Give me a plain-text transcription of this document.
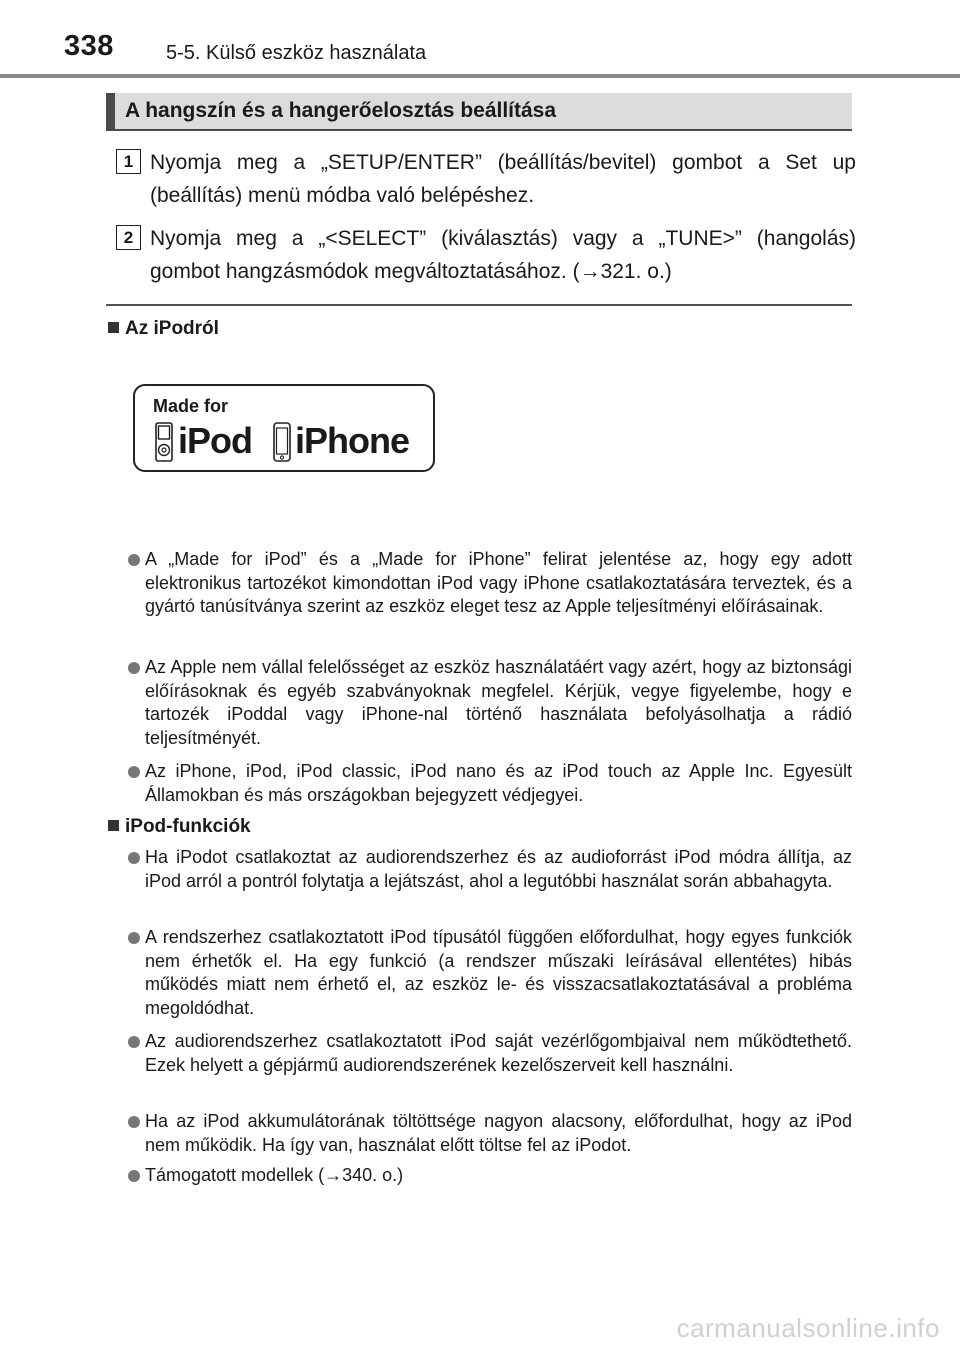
338	5-5. Külső eszköz használata
A hangszín és a hangerőelosztás beállítása
1 Nyomja meg a „SETUP/ENTER” (beállítás/bevitel) gombot a Set up (beállítás) menü módba való belépéshez.
2 Nyomja meg a „<SELECT” (kiválasztás) vagy a „TUNE>” (hangolás) gombot hangzásmódok megváltoztatásához. (→321. o.)
Az iPodról
Made for
iPod iPhone
A „Made for iPod” és a „Made for iPhone” felirat jelentése az, hogy egy adott elektronikus tartozékot kimondottan iPod vagy iPhone csatlakoztatására terveztek, és a gyártó tanúsítványa szerint az eszköz eleget tesz az Apple teljesítményi előírásainak.
Az Apple nem vállal felelősséget az eszköz használatáért vagy azért, hogy az biztonsági előírásoknak és egyéb szabványoknak megfelel. Kérjük, vegye figyelembe, hogy e tartozék iPoddal vagy iPhone-nal történő használata befolyásolhatja a rádió teljesítményét.
Az iPhone, iPod, iPod classic, iPod nano és az iPod touch az Apple Inc. Egyesült Államokban és más országokban bejegyzett védjegyei.
iPod-funkciók
Ha iPodot csatlakoztat az audiorendszerhez és az audioforrást iPod módra állítja, az iPod arról a pontról folytatja a lejátszást, ahol a legutóbbi használat során abbahagyta.
A rendszerhez csatlakoztatott iPod típusától függően előfordulhat, hogy egyes funkciók nem érhetők el. Ha egy funkció (a rendszer műszaki leírásával ellentétes) hibás működés miatt nem érhető el, az eszköz le- és visszacsatlakoztatásával a probléma megoldódhat.
Az audiorendszerhez csatlakoztatott iPod saját vezérlőgombjaival nem működtethető. Ezek helyett a gépjármű audiorendszerének kezelőszerveit kell használni.
Ha az iPod akkumulátorának töltöttsége nagyon alacsony, előfordulhat, hogy az iPod nem működik. Ha így van, használat előtt töltse fel az iPodot.
Támogatott modellek (→340. o.)
carmanualsonline.info
